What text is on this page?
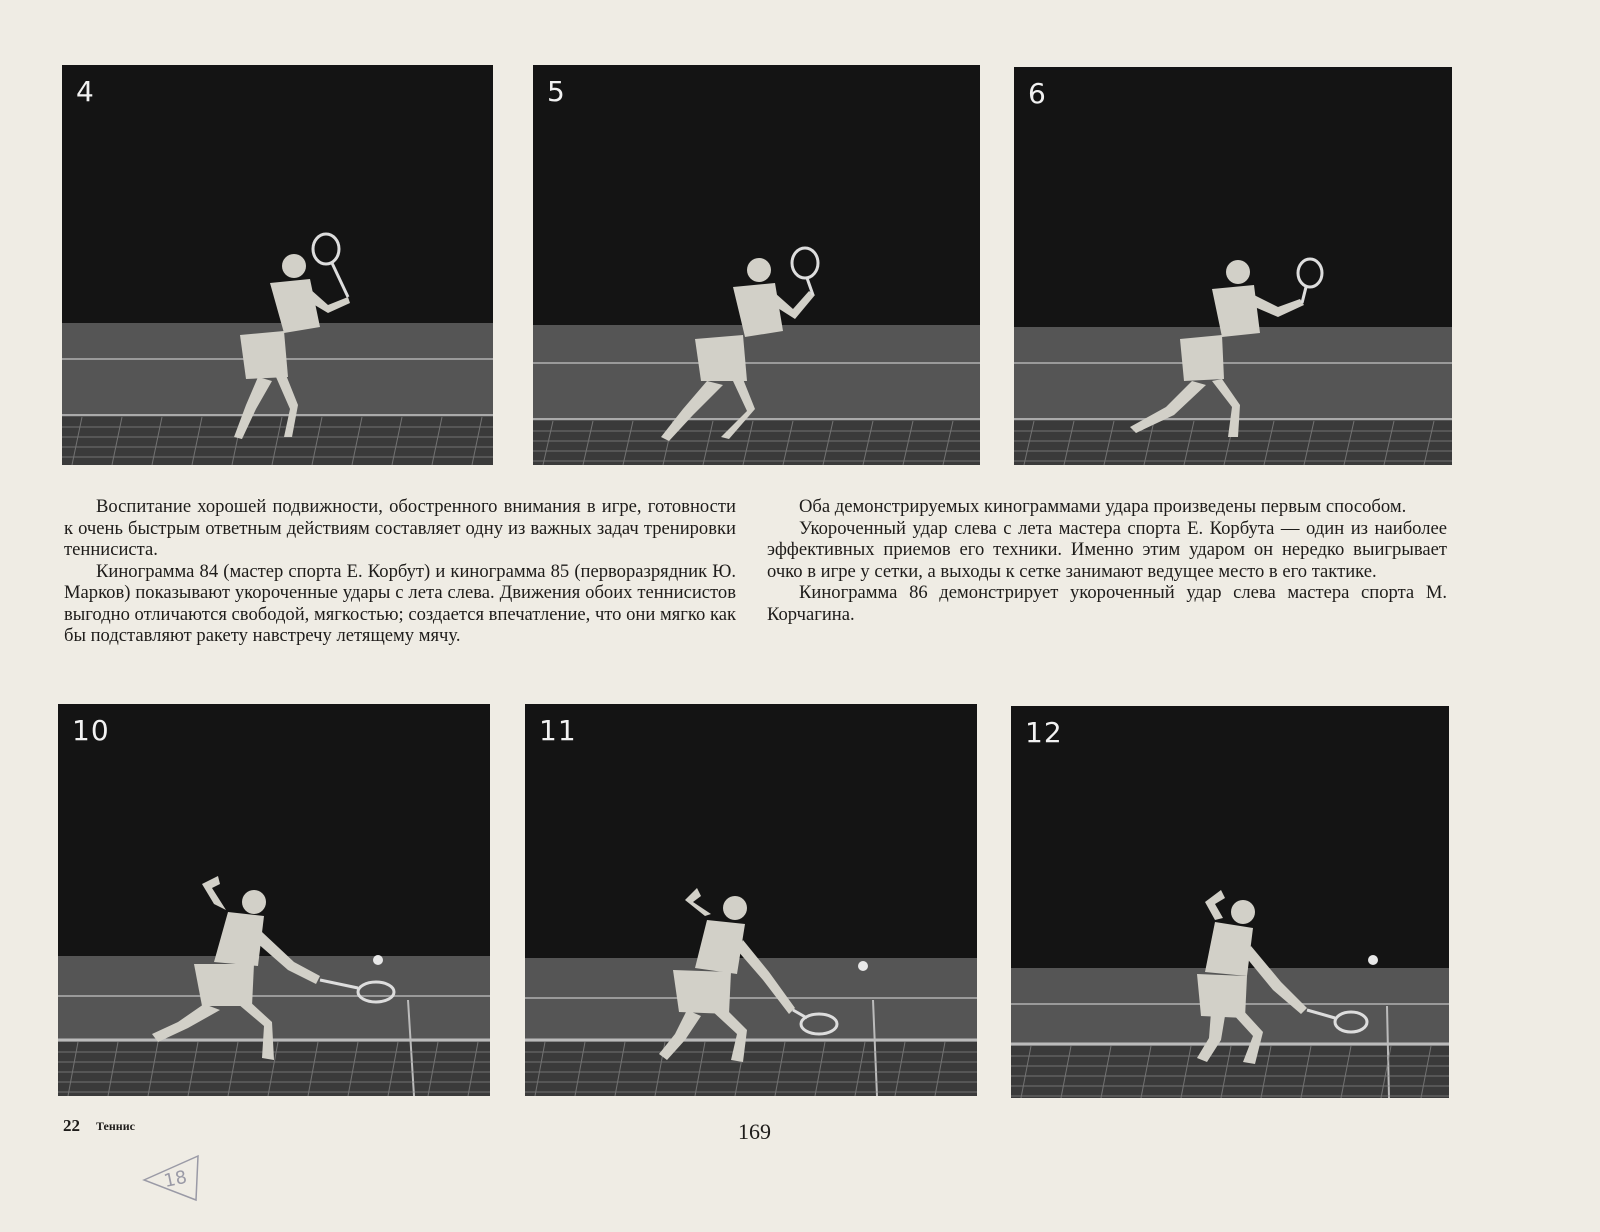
4	5	6

Воспитание хорошей подвижности, обостренного внимания в игре, готовности к очень быстрым ответным действиям составляет одну из важных задач тренировки теннисиста.

Кинограмма 84 (мастер спорта Е. Корбут) и кинограмма 85 (перворазрядник Ю. Марков) показывают укороченные удары с лета слева. Движения обоих теннисистов выгодно отличаются свободой, мягкостью; создается впечатление, что они мягко как бы подставляют ракету навстречу летящему мячу.

Оба демонстрируемых кинограммами удара произведены первым способом.

Укороченный удар слева с лета мастера спорта Е. Корбута — один из наиболее эффективных приемов его техники. Именно этим ударом он нередко выигрывает очко в игре у сетки, а выходы к сетке занимают ведущее место в его тактике.

Кинограмма 86 демонстрирует укороченный удар слева мастера спорта М. Корчагина.

10	11	12
22 Теннис	169
18
